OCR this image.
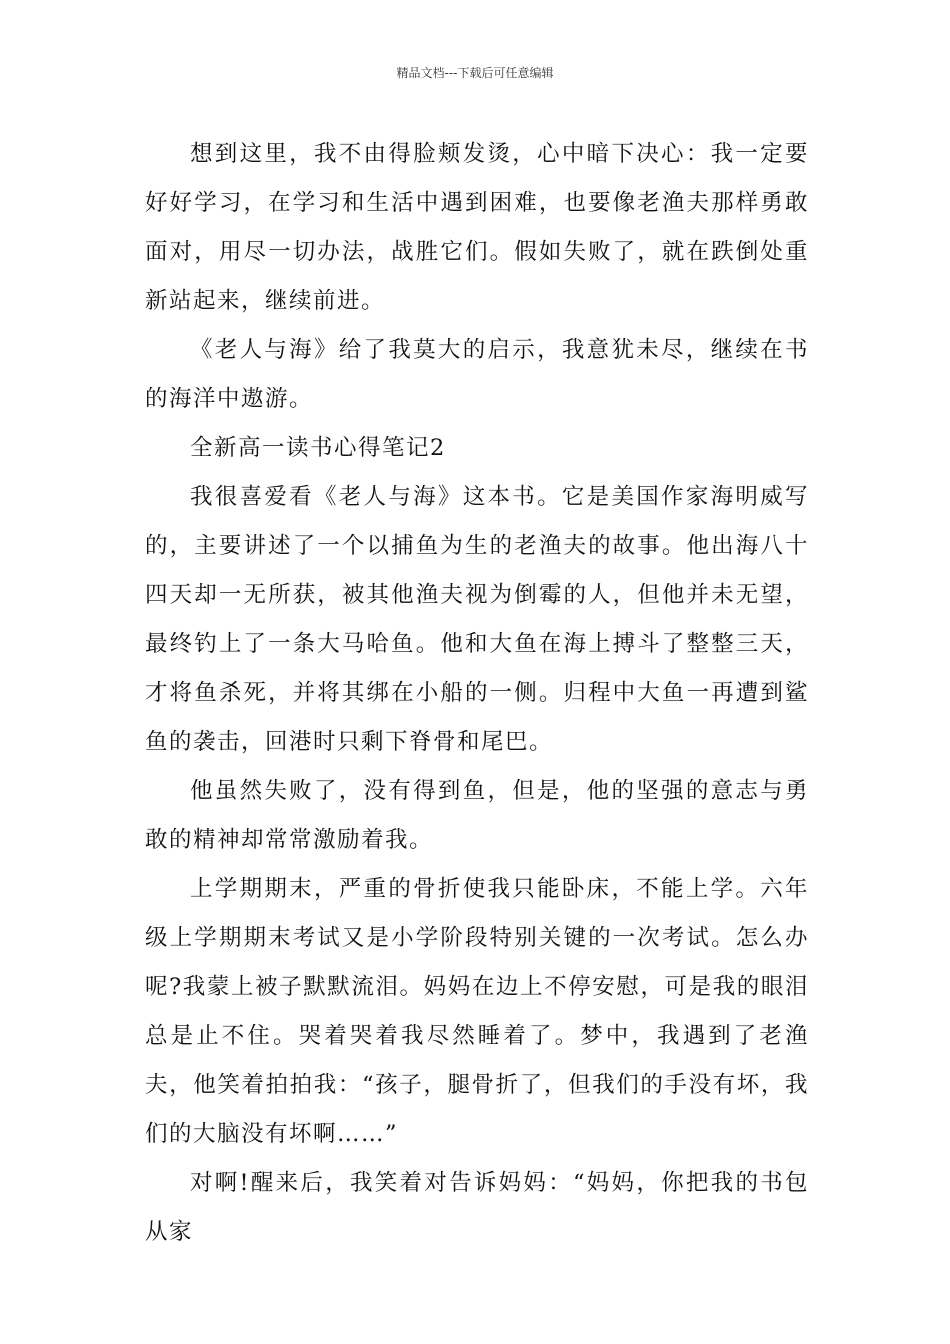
精品文档---下载后可任意编辑

想到这里，我不由得脸颊发烫，心中暗下决心：我一定要好好学习，在学习和生活中遇到困难，也要像老渔夫那样勇敢面对，用尽一切办法，战胜它们。假如失败了，就在跌倒处重新站起来，继续前进。

《老人与海》给了我莫大的启示，我意犹未尽，继续在书的海洋中遨游。

全新高一读书心得笔记2

我很喜爱看《老人与海》这本书。它是美国作家海明威写的，主要讲述了一个以捕鱼为生的老渔夫的故事。他出海八十四天却一无所获，被其他渔夫视为倒霉的人，但他并未无望，最终钓上了一条大马哈鱼。他和大鱼在海上搏斗了整整三天，才将鱼杀死，并将其绑在小船的一侧。归程中大鱼一再遭到鲨鱼的袭击，回港时只剩下脊骨和尾巴。

他虽然失败了，没有得到鱼，但是，他的坚强的意志与勇敢的精神却常常激励着我。

上学期期末，严重的骨折使我只能卧床，不能上学。六年级上学期期末考试又是小学阶段特别关键的一次考试。怎么办呢?我蒙上被子默默流泪。妈妈在边上不停安慰，可是我的眼泪总是止不住。哭着哭着我尽然睡着了。梦中，我遇到了老渔夫，他笑着拍拍我：“孩子，腿骨折了，但我们的手没有坏，我们的大脑没有坏啊……”

对啊!醒来后，我笑着对告诉妈妈：“妈妈，你把我的书包从家
